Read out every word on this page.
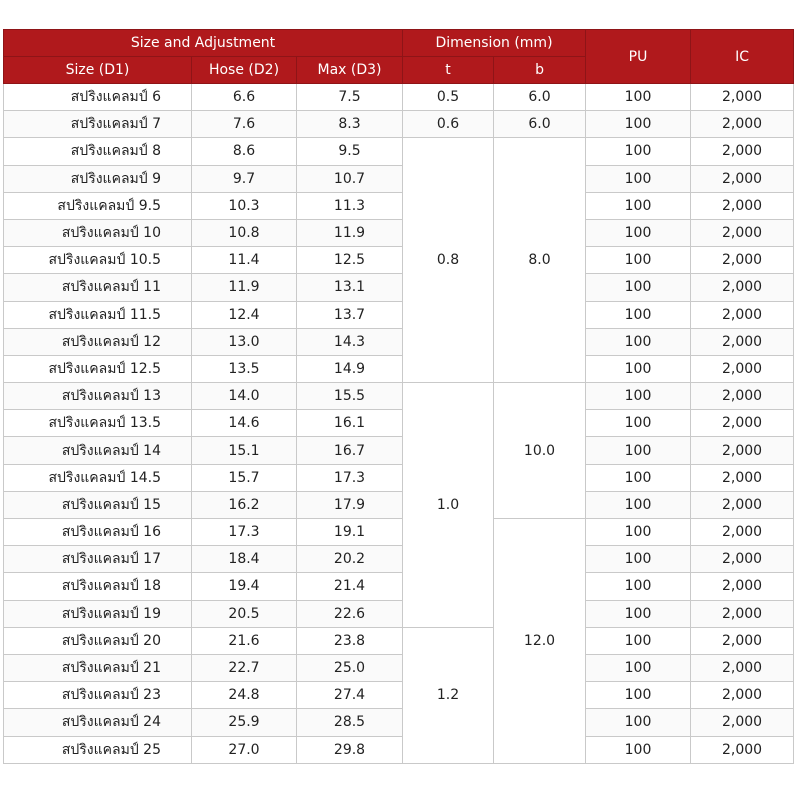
Size and Adjustment			Dimension (mm)		PU	IC
Size (D1)	Hose (D2)	Max (D3)	t	b		
สปริงแคลมป์ 6	6.6	7.5	0.5	6.0	100	2,000
สปริงแคลมป์ 7	7.6	8.3	0.6	6.0	100	2,000
สปริงแคลมป์ 8	8.6	9.5	0.8	8.0	100	2,000
สปริงแคลมป์ 9	9.7	10.7			100	2,000
สปริงแคลมป์ 9.5	10.3	11.3			100	2,000
สปริงแคลมป์ 10	10.8	11.9			100	2,000
สปริงแคลมป์ 10.5	11.4	12.5			100	2,000
สปริงแคลมป์ 11	11.9	13.1			100	2,000
สปริงแคลมป์ 11.5	12.4	13.7			100	2,000
สปริงแคลมป์ 12	13.0	14.3			100	2,000
สปริงแคลมป์ 12.5	13.5	14.9			100	2,000
สปริงแคลมป์ 13	14.0	15.5	1.0	10.0	100	2,000
สปริงแคลมป์ 13.5	14.6	16.1			100	2,000
สปริงแคลมป์ 14	15.1	16.7			100	2,000
สปริงแคลมป์ 14.5	15.7	17.3			100	2,000
สปริงแคลมป์ 15	16.2	17.9			100	2,000
สปริงแคลมป์ 16	17.3	19.1		12.0	100	2,000
สปริงแคลมป์ 17	18.4	20.2			100	2,000
สปริงแคลมป์ 18	19.4	21.4			100	2,000
สปริงแคลมป์ 19	20.5	22.6			100	2,000
สปริงแคลมป์ 20	21.6	23.8	1.2		100	2,000
สปริงแคลมป์ 21	22.7	25.0			100	2,000
สปริงแคลมป์ 23	24.8	27.4			100	2,000
สปริงแคลมป์ 24	25.9	28.5			100	2,000
สปริงแคลมป์ 25	27.0	29.8			100	2,000
